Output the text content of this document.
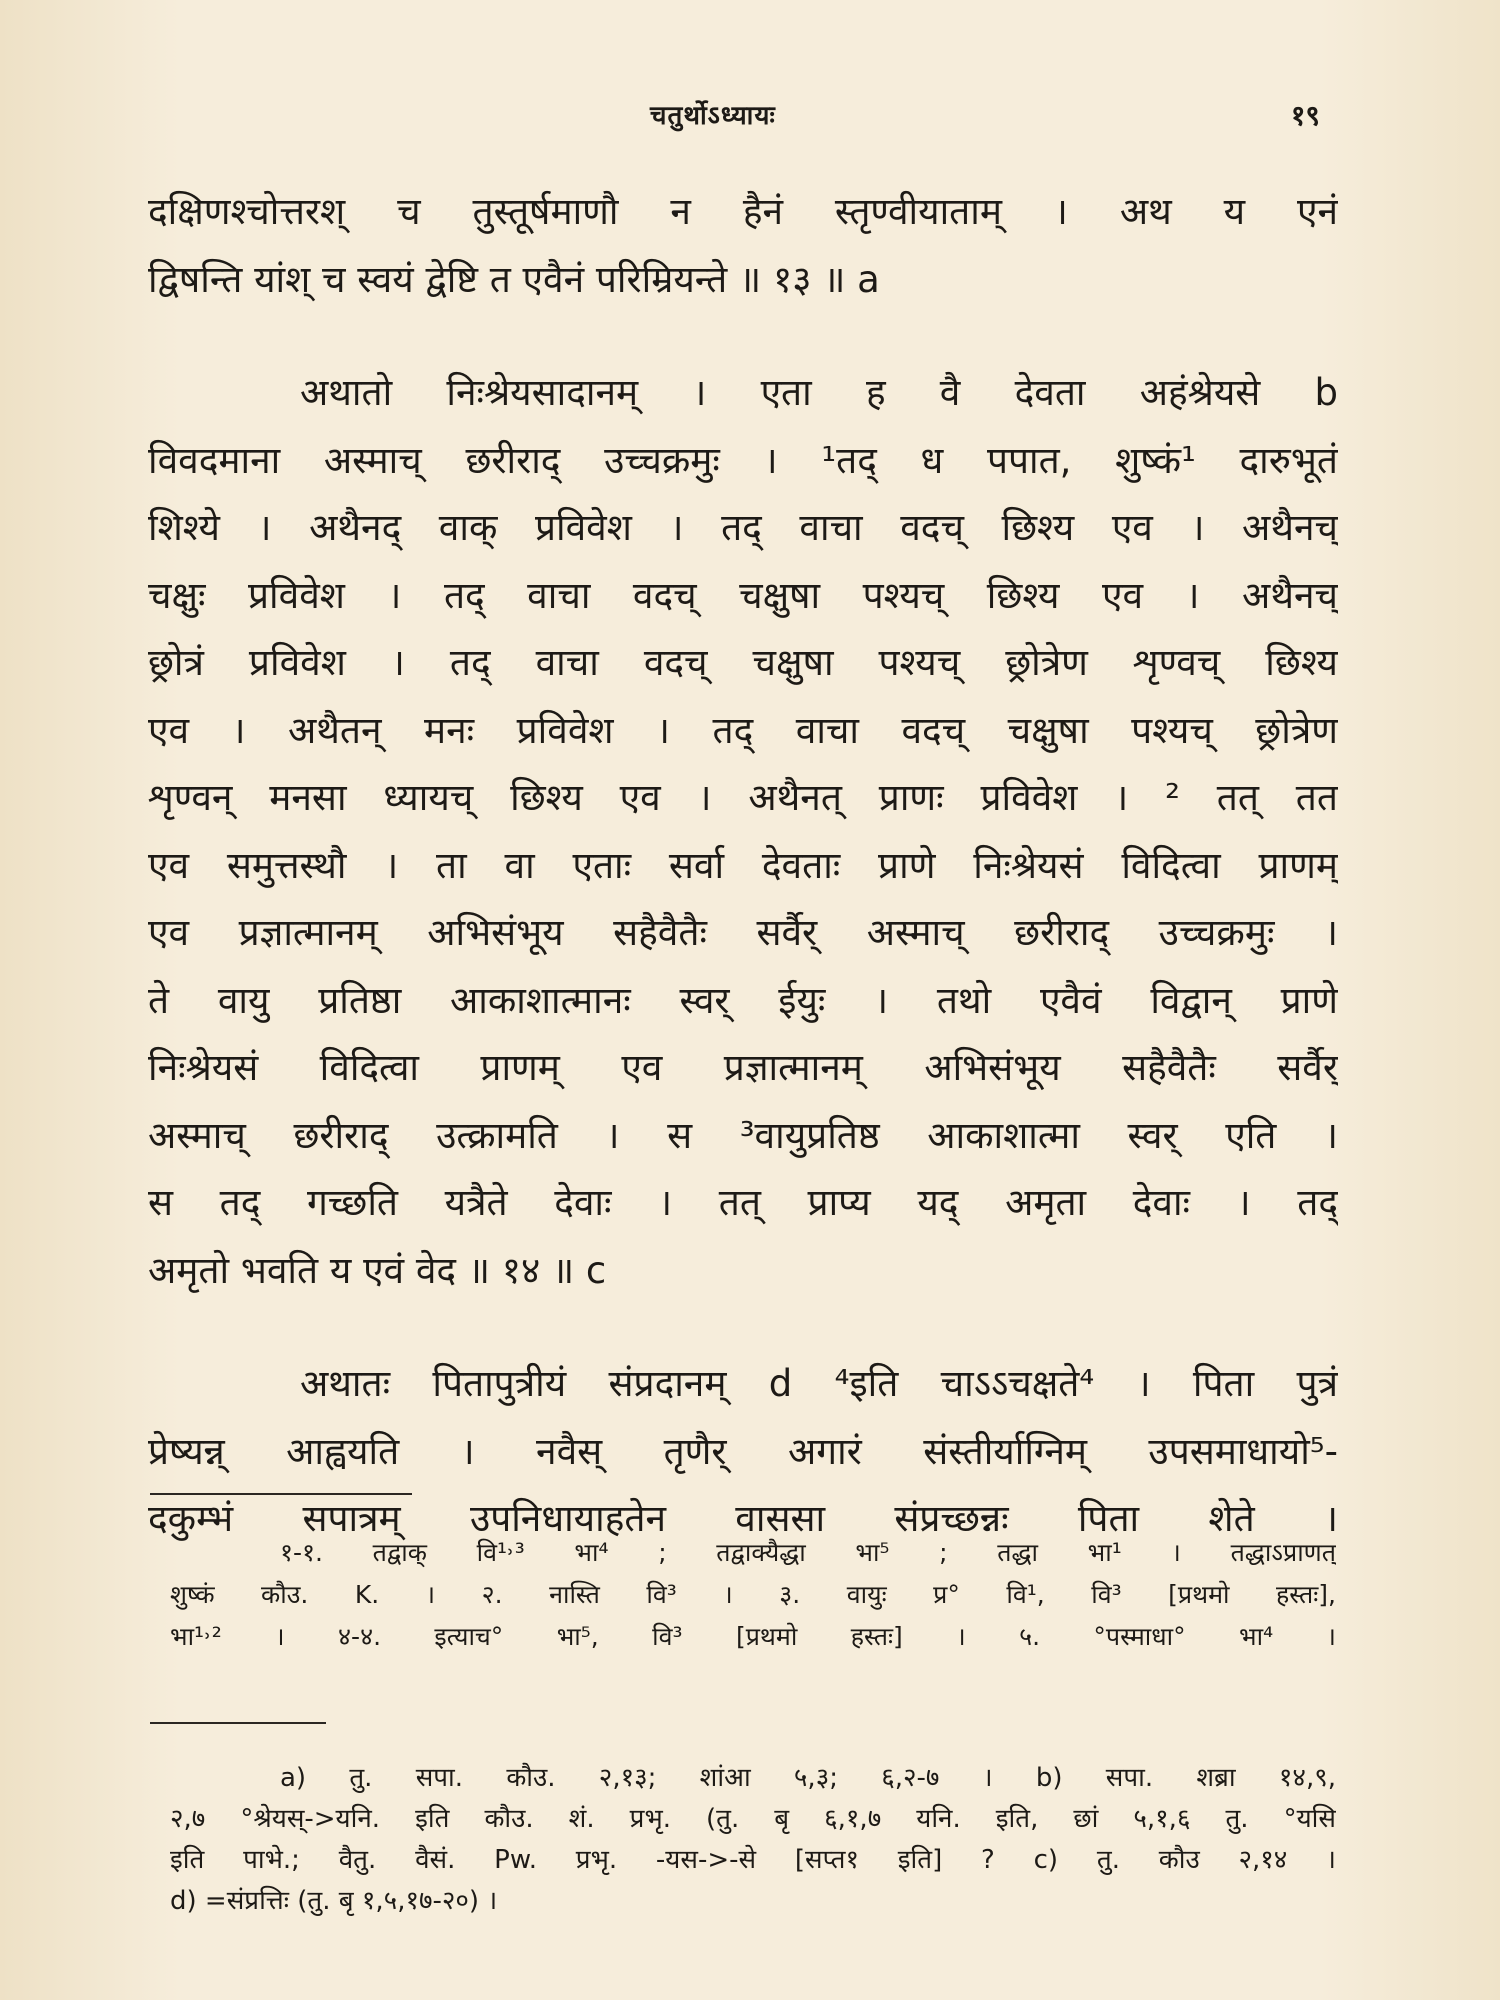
चतुर्थोऽध्यायः	१९
दक्षिणश्चोत्तरश् च तुस्तूर्षमाणौ न हैनं स्तृण्वीयाताम् । अथ य एनं
द्विषन्ति यांश् च स्वयं द्वेष्टि त एवैनं परिम्रियन्ते ॥ १३ ॥ a
अथातो निःश्रेयसादानम् । एता ह वै देवता अहंश्रेयसे b
विवदमाना अस्माच् छरीराद् उच्चक्रमुः । ¹तद् ध पपात, शुष्कं¹ दारुभूतं
शिश्ये । अथैनद् वाक् प्रविवेश । तद् वाचा वदच् छिश्य एव । अथैनच्
चक्षुः प्रविवेश । तद् वाचा वदच् चक्षुषा पश्यच् छिश्य एव । अथैनच्
छ्रोत्रं प्रविवेश । तद् वाचा वदच् चक्षुषा पश्यच् छ्रोत्रेण शृण्वच् छिश्य
एव । अथैतन् मनः प्रविवेश । तद् वाचा वदच् चक्षुषा पश्यच् छ्रोत्रेण
शृण्वन् मनसा ध्यायच् छिश्य एव । अथैनत् प्राणः प्रविवेश । ² तत् तत
एव समुत्तस्थौ । ता वा एताः सर्वा देवताः प्राणे निःश्रेयसं विदित्वा प्राणम्
एव प्रज्ञात्मानम् अभिसंभूय सहैवैतैः सर्वैर् अस्माच् छरीराद् उच्चक्रमुः ।
ते वायु प्रतिष्ठा आकाशात्मानः स्वर् ईयुः । तथो एवैवं विद्वान् प्राणे
निःश्रेयसं विदित्वा प्राणम् एव प्रज्ञात्मानम् अभिसंभूय सहैवैतैः सर्वैर्
अस्माच् छरीराद् उत्क्रामति । स ³वायुप्रतिष्ठ आकाशात्मा स्वर् एति ।
स तद् गच्छति यत्रैते देवाः । तत् प्राप्य यद् अमृता देवाः । तद्
अमृतो भवति य एवं वेद ॥ १४ ॥ c
अथातः पितापुत्रीयं संप्रदानम् d ⁴इति चाऽऽचक्षते⁴ । पिता पुत्रं
प्रेष्यन्न् आह्वयति । नवैस् तृणैर् अगारं संस्तीर्याग्निम् उपसमाधायो⁵-
दकुम्भं सपात्रम् उपनिधायाहतेन वाससा संप्रच्छन्नः पिता शेते ।
१-१. तद्वाक् वि¹˒³ भा⁴ ; तद्वाक्यैद्धा भा⁵ ; तद्धा भा¹ । तद्धाऽप्राणत्
शुष्कं कौउ. K. । २. नास्ति वि³ । ३. वायुः प्र° वि¹, वि³ [प्रथमो हस्तः],
भा¹˒² । ४-४. इत्याच° भा⁵, वि³ [प्रथमो हस्तः] । ५. °पस्माधा° भा⁴ ।
a) तु. सपा. कौउ. २,१३; शांआ ५,३; ६,२-७ । b) सपा. शब्रा १४,९,
२,७ °श्रेयस्->यनि. इति कौउ. शं. प्रभृ. (तु. बृ ६,१,७ यनि. इति, छां ५,१,६ तु. °यसि
इति पाभे.; वैतु. वैसं. Pw. प्रभृ. -यस->-से [सप्त१ इति] ? c) तु. कौउ २,१४ ।
d) =संप्रत्तिः (तु. बृ १,५,१७-२०) ।
